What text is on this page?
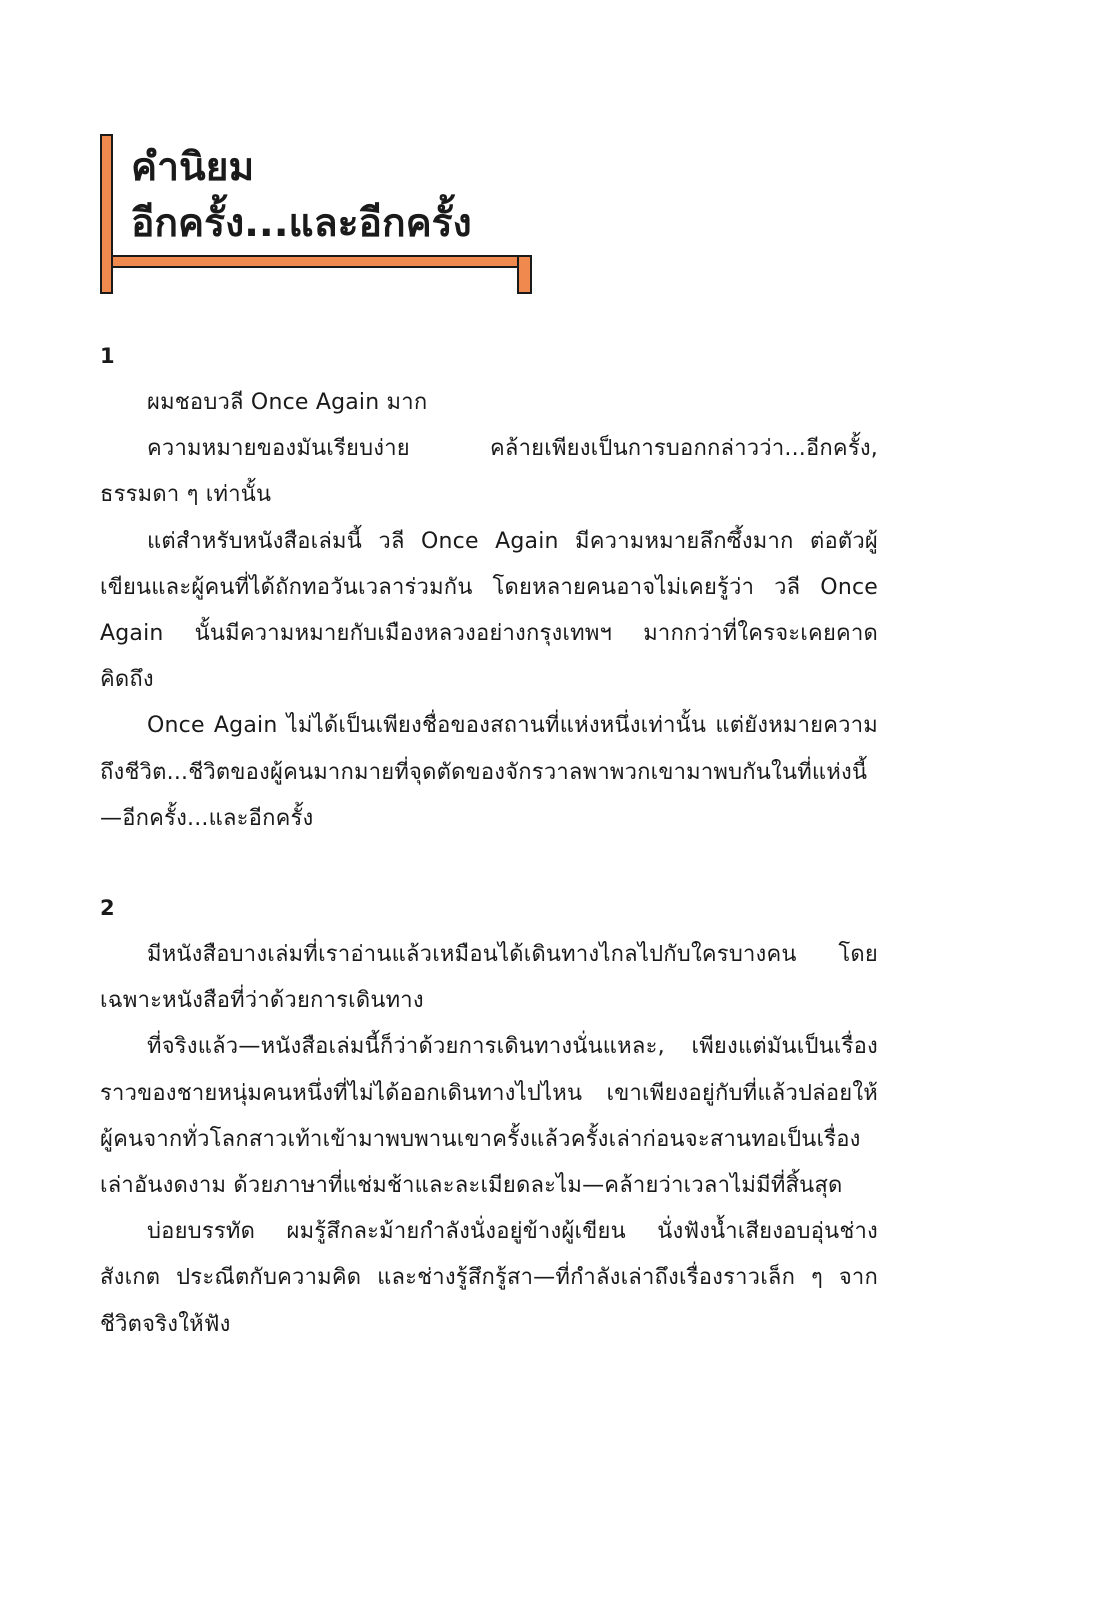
คำนิยม
อีกครั้ง...และอีกครั้ง
1

ผมชอบวลี Once Again มาก

ความหมายของมันเรียบง่าย คล้ายเพียงเป็นการบอกกล่าวว่า...อีกครั้ง, ธรรมดา ๆ เท่านั้น

แต่สำหรับหนังสือเล่มนี้ วลี Once Again มีความหมายลึกซึ้งมาก ต่อตัวผู้เขียนและผู้คนที่ได้ถักทอวันเวลาร่วมกัน โดยหลายคนอาจไม่เคยรู้ว่า วลี Once Again นั้นมีความหมายกับเมืองหลวงอย่างกรุงเทพฯ มากกว่าที่ใครจะเคยคาดคิดถึง

Once Again ไม่ได้เป็นเพียงชื่อของสถานที่แห่งหนึ่งเท่านั้น แต่ยังหมายความถึงชีวิต...ชีวิตของผู้คนมากมายที่จุดตัดของจักรวาลพาพวกเขามาพบกันในที่แห่งนี้—อีกครั้ง...และอีกครั้ง

2

มีหนังสือบางเล่มที่เราอ่านแล้วเหมือนได้เดินทางไกลไปกับใครบางคน โดยเฉพาะหนังสือที่ว่าด้วยการเดินทาง

ที่จริงแล้ว—หนังสือเล่มนี้ก็ว่าด้วยการเดินทางนั่นแหละ, เพียงแต่มันเป็นเรื่องราวของชายหนุ่มคนหนึ่งที่ไม่ได้ออกเดินทางไปไหน เขาเพียงอยู่กับที่แล้วปล่อยให้ผู้คนจากทั่วโลกสาวเท้าเข้ามาพบพานเขาครั้งแล้วครั้งเล่าก่อนจะสานทอเป็นเรื่องเล่าอันงดงาม ด้วยภาษาที่แช่มช้าและละเมียดละไม—คล้ายว่าเวลาไม่มีที่สิ้นสุด

บ่อยบรรทัด ผมรู้สึกละม้ายกำลังนั่งอยู่ข้างผู้เขียน นั่งฟังน้ำเสียงอบอุ่นช่างสังเกต ประณีตกับความคิด และช่างรู้สึกรู้สา—ที่กำลังเล่าถึงเรื่องราวเล็ก ๆ จากชีวิตจริงให้ฟัง
